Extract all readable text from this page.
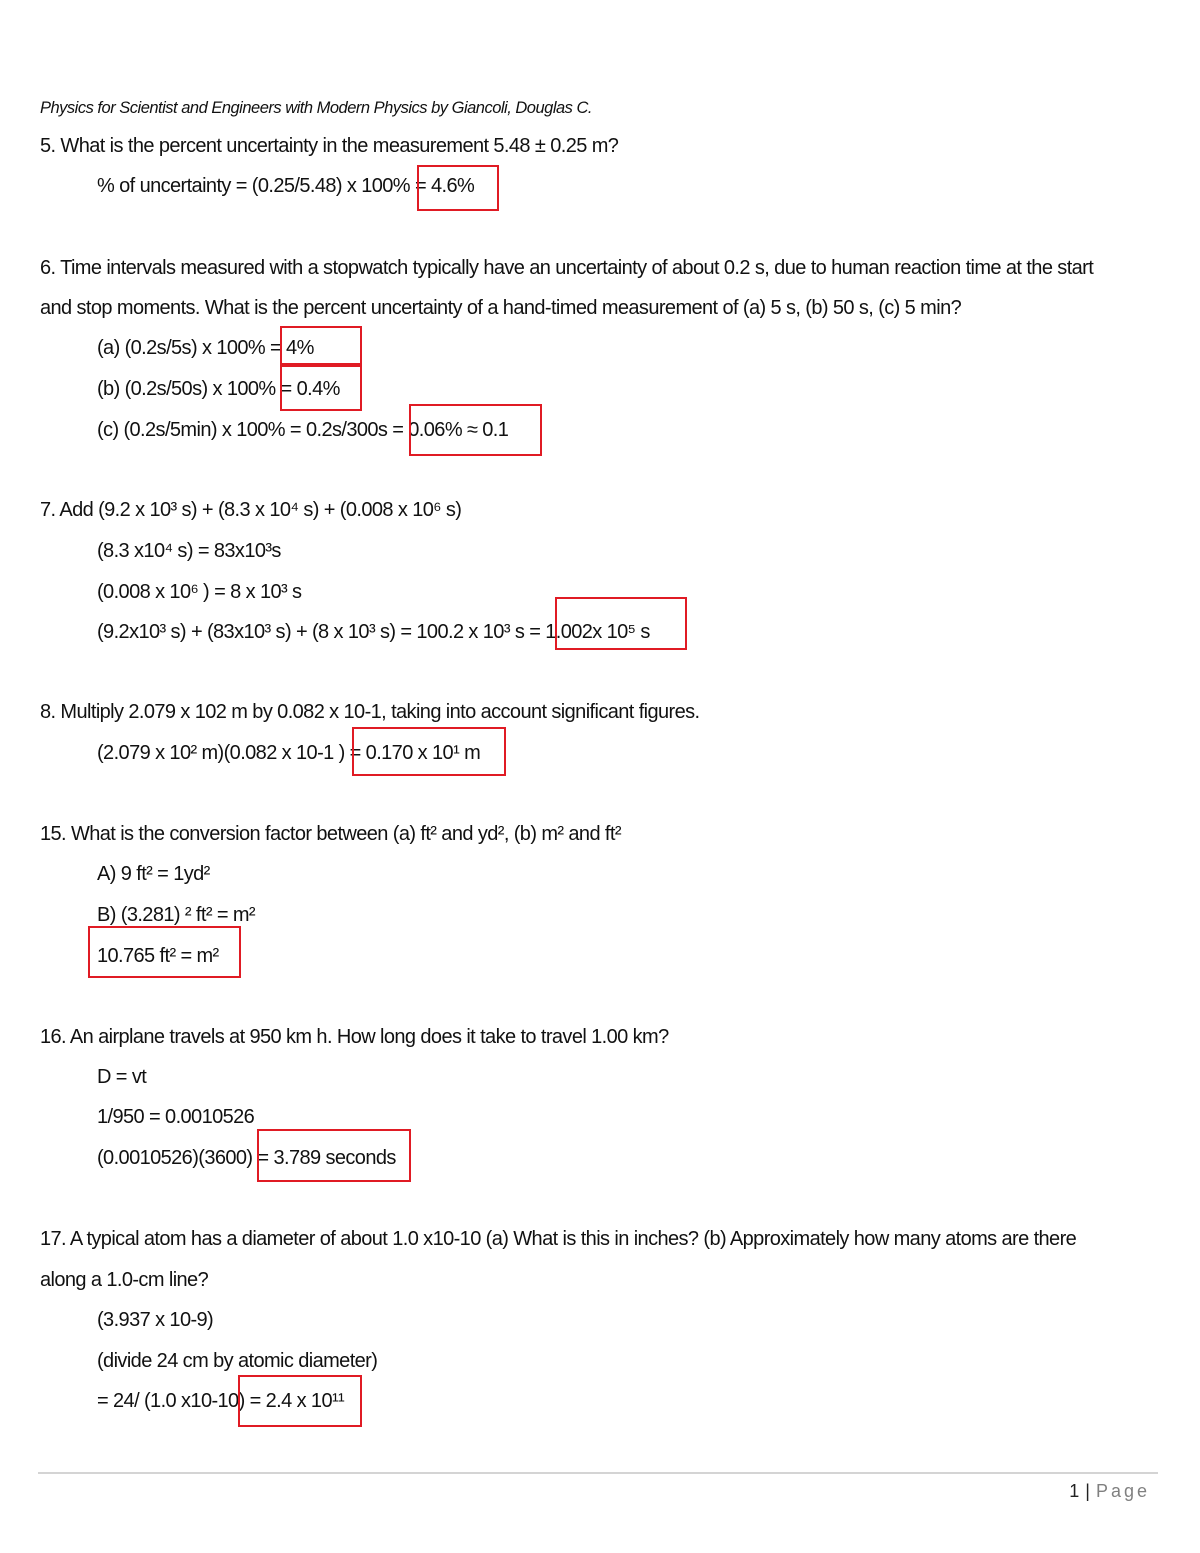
Physics for Scientist and Engineers with Modern Physics by Giancoli, Douglas C.
5. What is the percent uncertainty in the measurement 5.48 ± 0.25 m?
% of uncertainty = (0.25/5.48) x 100% = 4.6%
6. Time intervals measured with a stopwatch typically have an uncertainty of about 0.2 s, due to human reaction time at the start
and stop moments. What is the percent uncertainty of a hand-timed measurement of (a) 5 s, (b) 50 s, (c) 5 min?
(a) (0.2s/5s) x 100% = 4%
(b) (0.2s/50s) x 100% = 0.4%
(c) (0.2s/5min) x 100% = 0.2s/300s = 0.06% ≈ 0.1
7. Add (9.2 x 10³ s) + (8.3 x 10⁴ s) + (0.008 x 10⁶ s)
(8.3 x10⁴ s) = 83x10³s
(0.008 x 10⁶ ) = 8 x 10³ s
(9.2x10³ s) + (83x10³ s) + (8 x 10³ s) = 100.2 x 10³ s = 1.002x 10⁵ s
8. Multiply 2.079 x 102 m by 0.082 x 10-1, taking into account significant figures.
(2.079 x 10² m)(0.082 x 10-1 ) = 0.170 x 10¹ m
15. What is the conversion factor between (a) ft² and yd², (b) m² and ft²
A) 9 ft² = 1yd²
B) (3.281) ² ft² = m²
10.765 ft² = m²
16. An airplane travels at 950 km h. How long does it take to travel 1.00 km?
D = vt
1/950 = 0.0010526
(0.0010526)(3600) = 3.789 seconds
17. A typical atom has a diameter of about 1.0 x10-10 (a) What is this in inches? (b) Approximately how many atoms are there
along a 1.0-cm line?
(3.937 x 10-9)
(divide 24 cm by atomic diameter)
= 24/ (1.0 x10-10) = 2.4 x 10¹¹
1 | Page
